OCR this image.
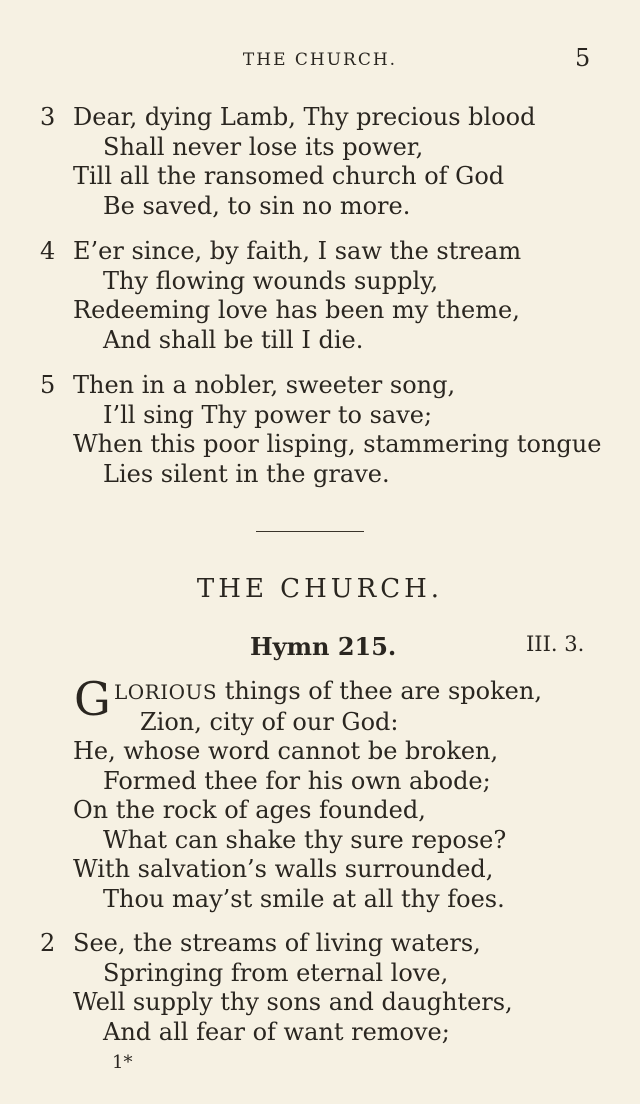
THE CHURCH.	5
3 Dear, dying Lamb, Thy precious blood
Shall never lose its power,
Till all the ransomed church of God
Be saved, to sin no more.
4 E’er since, by faith, I saw the stream
Thy flowing wounds supply,
Redeeming love has been my theme,
And shall be till I die.
5 Then in a nobler, sweeter song,
I’ll sing Thy power to save;
When this poor lisping, stammering tongue
Lies silent in the grave.
THE CHURCH.
Hymn 215.	III. 3.
G LORIOUS things of thee are spoken,
Zion, city of our God:
He, whose word cannot be broken,
Formed thee for his own abode;
On the rock of ages founded,
What can shake thy sure repose?
With salvation’s walls surrounded,
Thou may’st smile at all thy foes.
2 See, the streams of living waters,
Springing from eternal love,
Well supply thy sons and daughters,
And all fear of want remove;
1*
